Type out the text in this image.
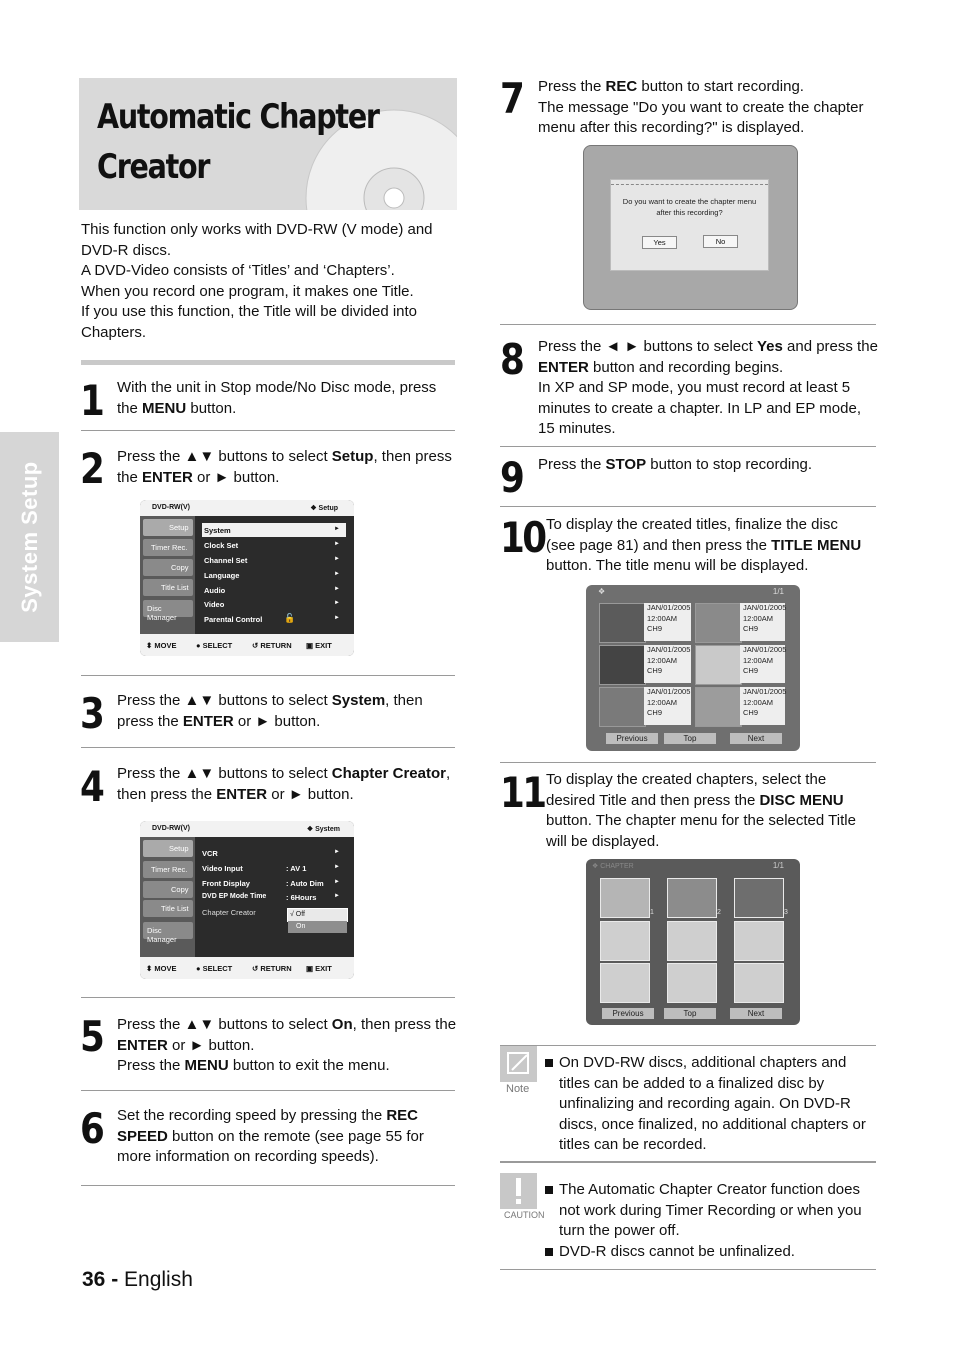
Automatic Chapter
Creator
System Setup

This function only works with DVD-RW (V mode) and

DVD-R discs.

A DVD-Video consists of ‘Titles’ and ‘Chapters’.

When you record one program, it makes one Title.

If you use this function, the Title will be divided into

Chapters.

1 With the unit in Stop mode/No Disc mode, press
the MENU button.
2 Press the ▲▼ buttons to select Setup, then press
the ENTER or ► button.
DVD-RW(V)	❖ Setup
Setup
Timer Rec.
Copy
Title List
Disc Manager
System	►
Clock Set	►
Channel Set	►
Language	►
Audio	►
Video	►
Parental Control 🔓	►
⬍ MOVE	● SELECT	↺ RETURN ▣ EXIT
3 Press the ▲▼ buttons to select System, then
press the ENTER or ► button.
4 Press the ▲▼ buttons to select Chapter Creator,
then press the ENTER or ► button.
DVD-RW(V)	❖ System
Setup
Timer Rec.
Copy
Title List
Disc Manager
VCR	►
Video Input	: AV 1	►
Front Display	: Auto Dim ►
DVD EP Mode Time	: 6Hours	►
Chapter Creator	√ Off
On
⬍ MOVE	● SELECT	↺ RETURN ▣ EXIT
5 Press the ▲▼ buttons to select On, then press the
ENTER or ► button.
Press the MENU button to exit the menu.
6 Set the recording speed by pressing the REC
SPEED button on the remote (see page 55 for
more information on recording speeds).
36 - English
7 Press the REC button to start recording.
The message "Do you want to create the chapter
menu after this recording?" is displayed.
Do you want to create the chapter menu
after this recording?
Yes	No
8 Press the ◄ ► buttons to select Yes and press the
ENTER button and recording begins.
In XP and SP mode, you must record at least 5
minutes to create a chapter. In LP and EP mode,
15 minutes.
9 Press the STOP button to stop recording.
10 To display the created titles, finalize the disc
(see page 81) and then press the TITLE MENU
button. The title menu will be displayed.
❖	1/1
JAN/01/2005
12:00AM CH9
JAN/01/2005
12:00AM CH9
JAN/01/2005
12:00AM CH9
JAN/01/2005
12:00AM CH9
JAN/01/2005
12:00AM CH9
JAN/01/2005
12:00AM CH9
Previous	Top	Next
11 To display the created chapters, select the
desired Title and then press the DISC MENU
button. The chapter menu for the selected Title
will be displayed.
❖ CHAPTER	1/1
1	2	3
Previous	Top	Next
Note
On DVD-RW discs, additional chapters and
titles can be added to a finalized disc by
unfinalizing and recording again. On DVD-R
discs, once finalized, no additional chapters or
titles can be recorded.
CAUTION
The Automatic Chapter Creator function does
not work during Timer Recording or when you
turn the power off.
DVD-R discs cannot be unfinalized.
